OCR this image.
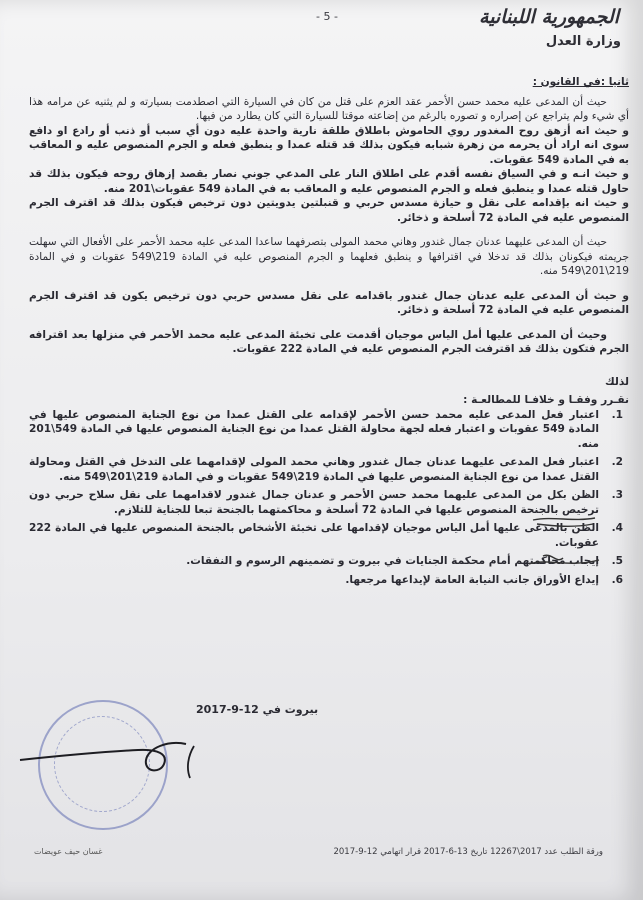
- 5 -	الجمهورية اللبنانية
وزارة العدل

ثانيا :في القانون :

حيث أن المدعى عليه محمد حسن الأحمر عقد العزم على قتل من كان في السيارة التي اصطدمت بسيارته و لم يثنيه عن مرامه هذا أي شيء ولم يتراجع عن إصراره و تصوره بالرغم من إضاعته موقتا للسيارة التي كان يطارد من فيها.

و حيث انه أزهق روح المغدور روي الحاموش باطلاق طلقة نارية واحدة عليه دون أي سبب أو ذنب أو رادع او دافع سوى انه اراد أن يحرمه من زهرة شبابه فيكون بذلك قد قتله عمدا و ينطبق فعله و الجرم المنصوص عليه و المعاقب به في المادة 549 عقوبات.

و حيث انـه و في السياق نفسه أقدم على اطلاق النار على المدعي جوني نصار بقصد إزهاق روحه فيكون بذلك قد حاول قتله عمدا و ينطبق فعله و الجرم المنصوص عليه و المعاقب به في المادة 549 عقوبات\201 منه.

و حيث انه بإقدامه على نقل و حيازة مسدس حربي و قنبلتين يدويتين دون ترخيص فيكون بذلك قد اقترف الجرم المنصوص عليه في المادة 72 أسلحة و ذخائر.

حيث أن المدعى عليهما عدنان جمال غندور وهاني محمد المولى بتصرفهما ساعدا المدعى عليه محمد الأحمر على الأفعال التي سهلت جريمته فيكونان بذلك قد تدخلا في اقترافها و ينطبق فعلهما و الجرم المنصوص عليه في المادة 219\549 عقوبات و في المادة 219\201\549 منه.

و حيث أن المدعى عليه عدنان جمال غندور باقدامه على نقل مسدس حربي دون ترخيص يكون قد اقترف الجرم المنصوص عليه في المادة 72 أسلحة و ذخائر.

وحيث أن المدعى عليها أمل الياس موجيان أقدمت على تخبئة المدعى عليه محمد الأحمر في منزلها بعد اقترافه الجرم فتكون بذلك قد اقترفت الجرم المنصوص عليه في المادة 222 عقوبات.

لذلك

نقـرر وفقـا و خلافـا للمطالعـة :

1.
اعتبار فعل المدعى عليه محمد حسن الأحمر لإقدامه على القتل عمدا من نوع الجناية المنصوص عليها في المادة 549 عقوبات و اعتبار فعله لجهة محاولة القتل عمدا من نوع الجناية المنصوص عليها في المادة 549\201 منه.
2.
اعتبار فعل المدعى عليهما عدنان جمال غندور وهاني محمد المولى لإقدامهما على التدخل في القتل ومحاولة القتل عمدا من نوع الجناية المنصوص عليها في المادة 219\549 عقوبات و في المادة 219\201\549 منه.
3.
الظن بكل من المدعى عليهما محمد حسن الأحمر و عدنان جمال غندور لاقدامهما على نقل سلاح حربي دون ترخيص بالجنحة المنصوص عليها في المادة 72 أسلحة و محاكمتهما بالجنحة تبعا للجناية للتلازم.
4.
الظن بالمدعى عليها أمل الياس موجيان لإقدامها على تخبئة الأشخاص بالجنحة المنصوص عليها في المادة 222 عقوبات.
5.
إيجاب محاكمتهم أمام محكمة الجنايات في بيروت و تضمينهم الرسوم و النفقات.
6.
إيداع الأوراق جانب النيابة العامة لإيداعها مرجعها.
بيروت في 12-9-2017
غسان حيف عويضات	ورقة الطلب عدد 2017\12267 تاريخ 13-6-2017 قرار اتهامي 12-9-2017
